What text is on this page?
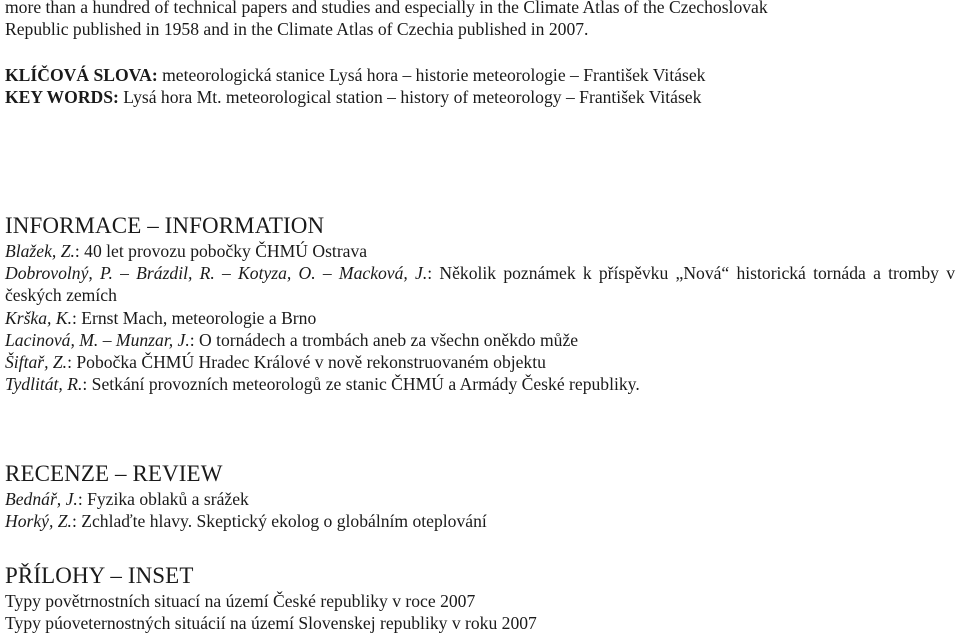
more than a hundred of technical papers and studies and especially in the Climate Atlas of the Czechoslovak
Republic published in 1958 and in the Climate Atlas of Czechia published in 2007.
KLÍČOVÁ SLOVA: meteorologická stanice Lysá hora – historie meteorologie – František Vitásek
KEY WORDS: Lysá hora Mt. meteorological station – history of meteorology – František Vitásek
INFORMACE – INFORMATION

Blažek, Z.: 40 let provozu pobočky ČHMÚ Ostrava

Dobrovolný, P. – Brázdil, R. – Kotyza, O. – Macková, J.: Několik poznámek k příspěvku „Nová“ historická tornáda a tromby v českých zemích

Krška, K.: Ernst Mach, meteorologie a Brno

Lacinová, M. – Munzar, J.: O tornádech a trombách aneb za všechn oněkdo může

Šiftař, Z.: Pobočka ČHMÚ Hradec Králové v nově rekonstruovaném objektu

Tydlitát, R.: Setkání provozních meteorologů ze stanic ČHMÚ a Armády České republiky.

RECENZE – REVIEW

Bednář, J.: Fyzika oblaků a srážek

Horký, Z.: Zchlaďte hlavy. Skeptický ekolog o globálním oteplování

PŘÍLOHY – INSET
Typy povětrnostních situací na území České republiky v roce 2007
Typy púoveternostných situácií na území Slovenskej republiky v roku 2007
